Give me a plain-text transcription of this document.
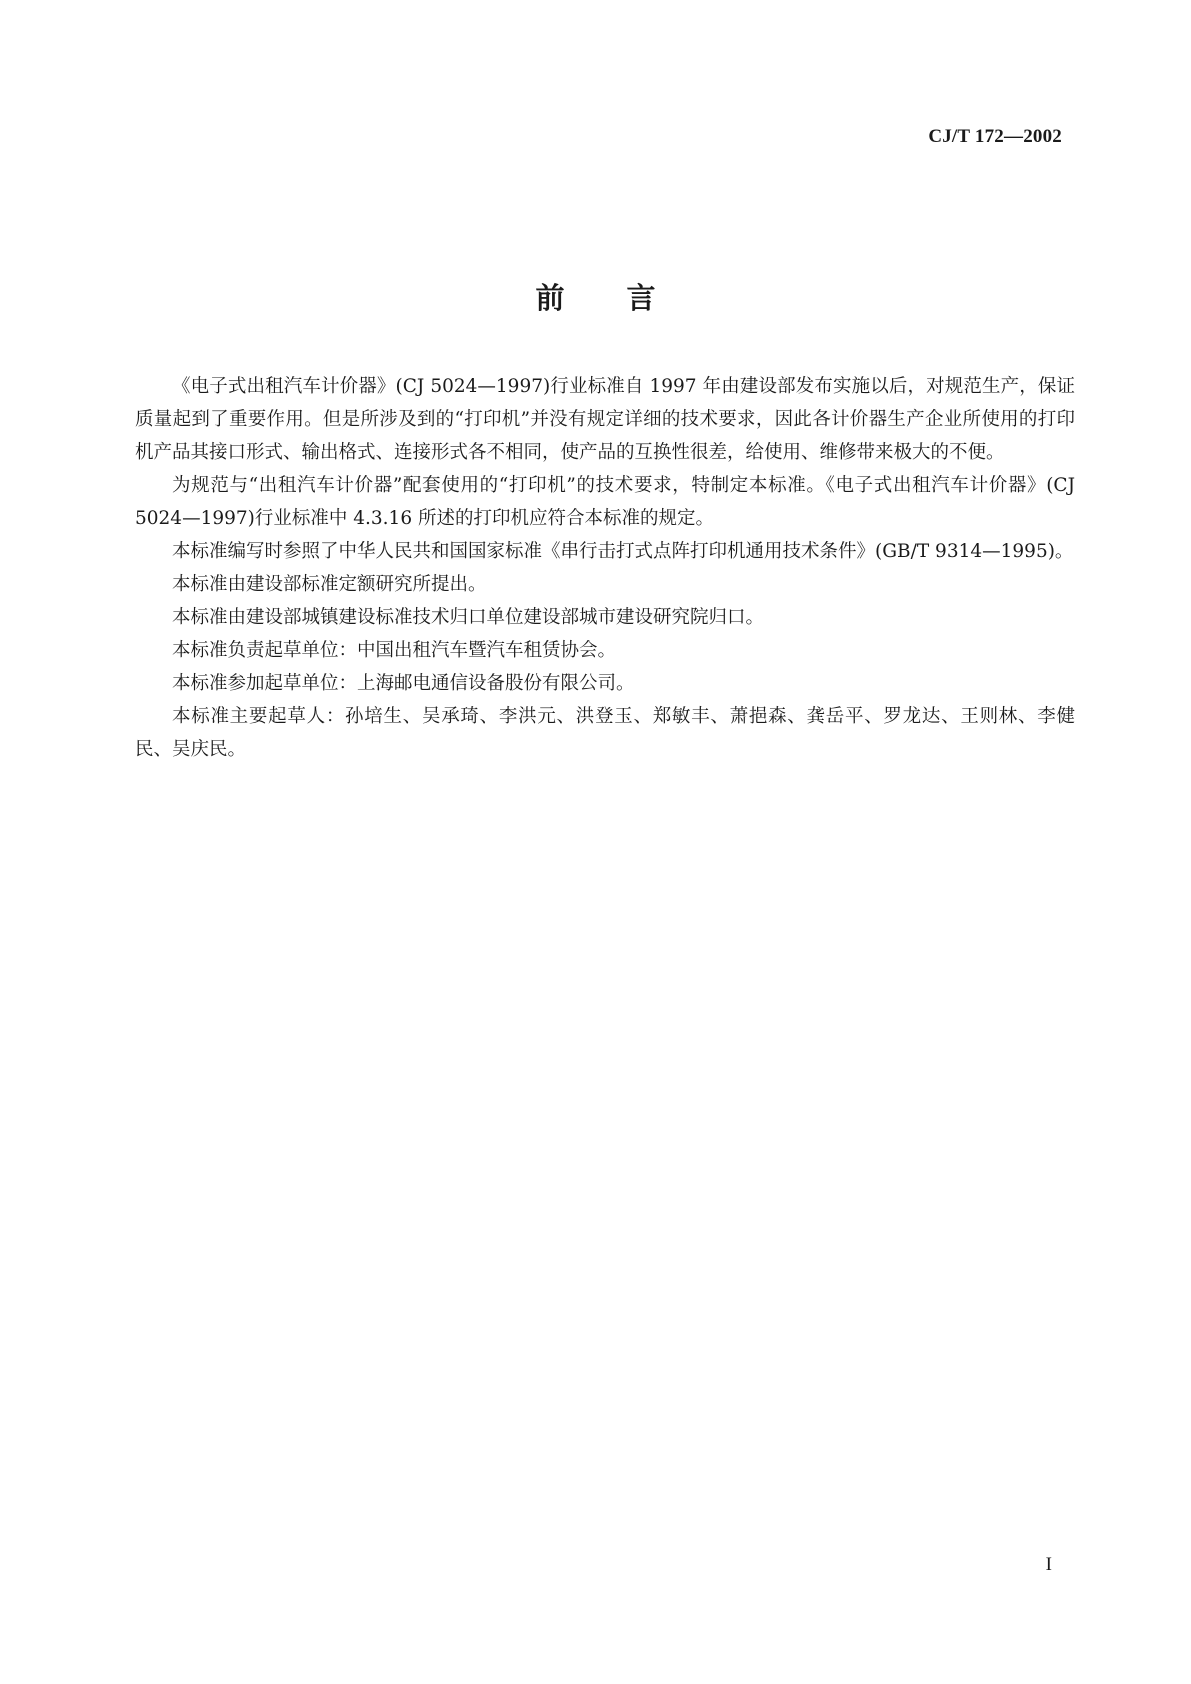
CJ/T 172—2002
前言

《电子式出租汽车计价器》(CJ 5024—1997)行业标准自 1997 年由建设部发布实施以后，对规范生产，保证质量起到了重要作用。但是所涉及到的“打印机”并没有规定详细的技术要求，因此各计价器生产企业所使用的打印机产品其接口形式、输出格式、连接形式各不相同，使产品的互换性很差，给使用、维修带来极大的不便。

为规范与“出租汽车计价器”配套使用的“打印机”的技术要求，特制定本标准。《电子式出租汽车计价器》(CJ 5024—1997)行业标准中 4.3.16 所述的打印机应符合本标准的规定。

本标准编写时参照了中华人民共和国国家标准《串行击打式点阵打印机通用技术条件》(GB/T 9314—1995)。

本标准由建设部标准定额研究所提出。

本标准由建设部城镇建设标准技术归口单位建设部城市建设研究院归口。

本标准负责起草单位：中国出租汽车暨汽车租赁协会。

本标准参加起草单位：上海邮电通信设备股份有限公司。

本标准主要起草人：孙培生、吴承琦、李洪元、洪登玉、郑敏丰、萧挹森、龚岳平、罗龙达、王则林、李健民、吴庆民。

I
